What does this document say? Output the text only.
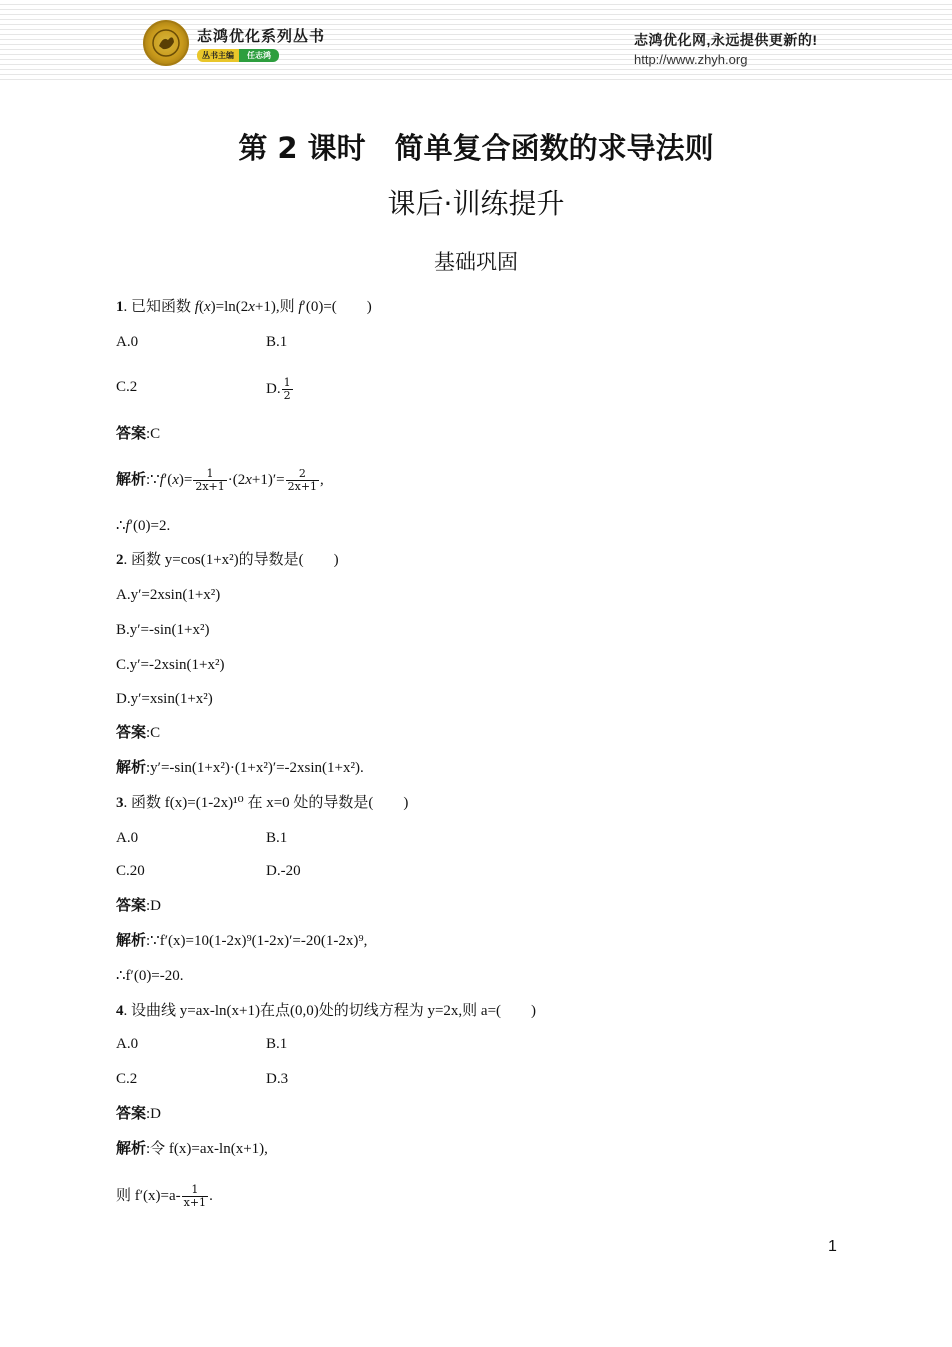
志鸿优化系列丛书
丛书主编	任志鸿
志鸿优化网,永远提供更新的!
http://www.zhyh.org
第 2 课时　简单复合函数的求导法则
课后·训练提升
基础巩固
1. 已知函数 f(x)=ln(2x+1),则 f′(0)=(　　)
A.0	B.1
C.2	D. $\frac{1}{2}$
答案:C
解析:∵f′(x)= $\frac{1}{2x+1} \cdot(2x+1)'= \frac{2}{2x+1}$ ,
∴f′(0)=2.
2. 函数 y=cos(1+x²)的导数是(　　)
A.y′=2xsin(1+x²)
B.y′=-sin(1+x²)
C.y′=-2xsin(1+x²)
D.y′=xsin(1+x²)
答案:C
解析:y′=-sin(1+x²)·(1+x²)′=-2xsin(1+x²).
3. 函数 f(x)=(1-2x)¹⁰ 在 x=0 处的导数是(　　)
A.0	B.1
C.20	D.-20
答案:D
解析:∵f′(x)=10(1-2x)⁹(1-2x)′=-20(1-2x)⁹,
∴f′(0)=-20.
4. 设曲线 y=ax-ln(x+1)在点(0,0)处的切线方程为 y=2x,则 a=(　　)
A.0	B.1
C.2	D.3
答案:D
解析:令 f(x)=ax-ln(x+1),
则 $f'(x)=a- \frac{1}{x+1}$ .
1
